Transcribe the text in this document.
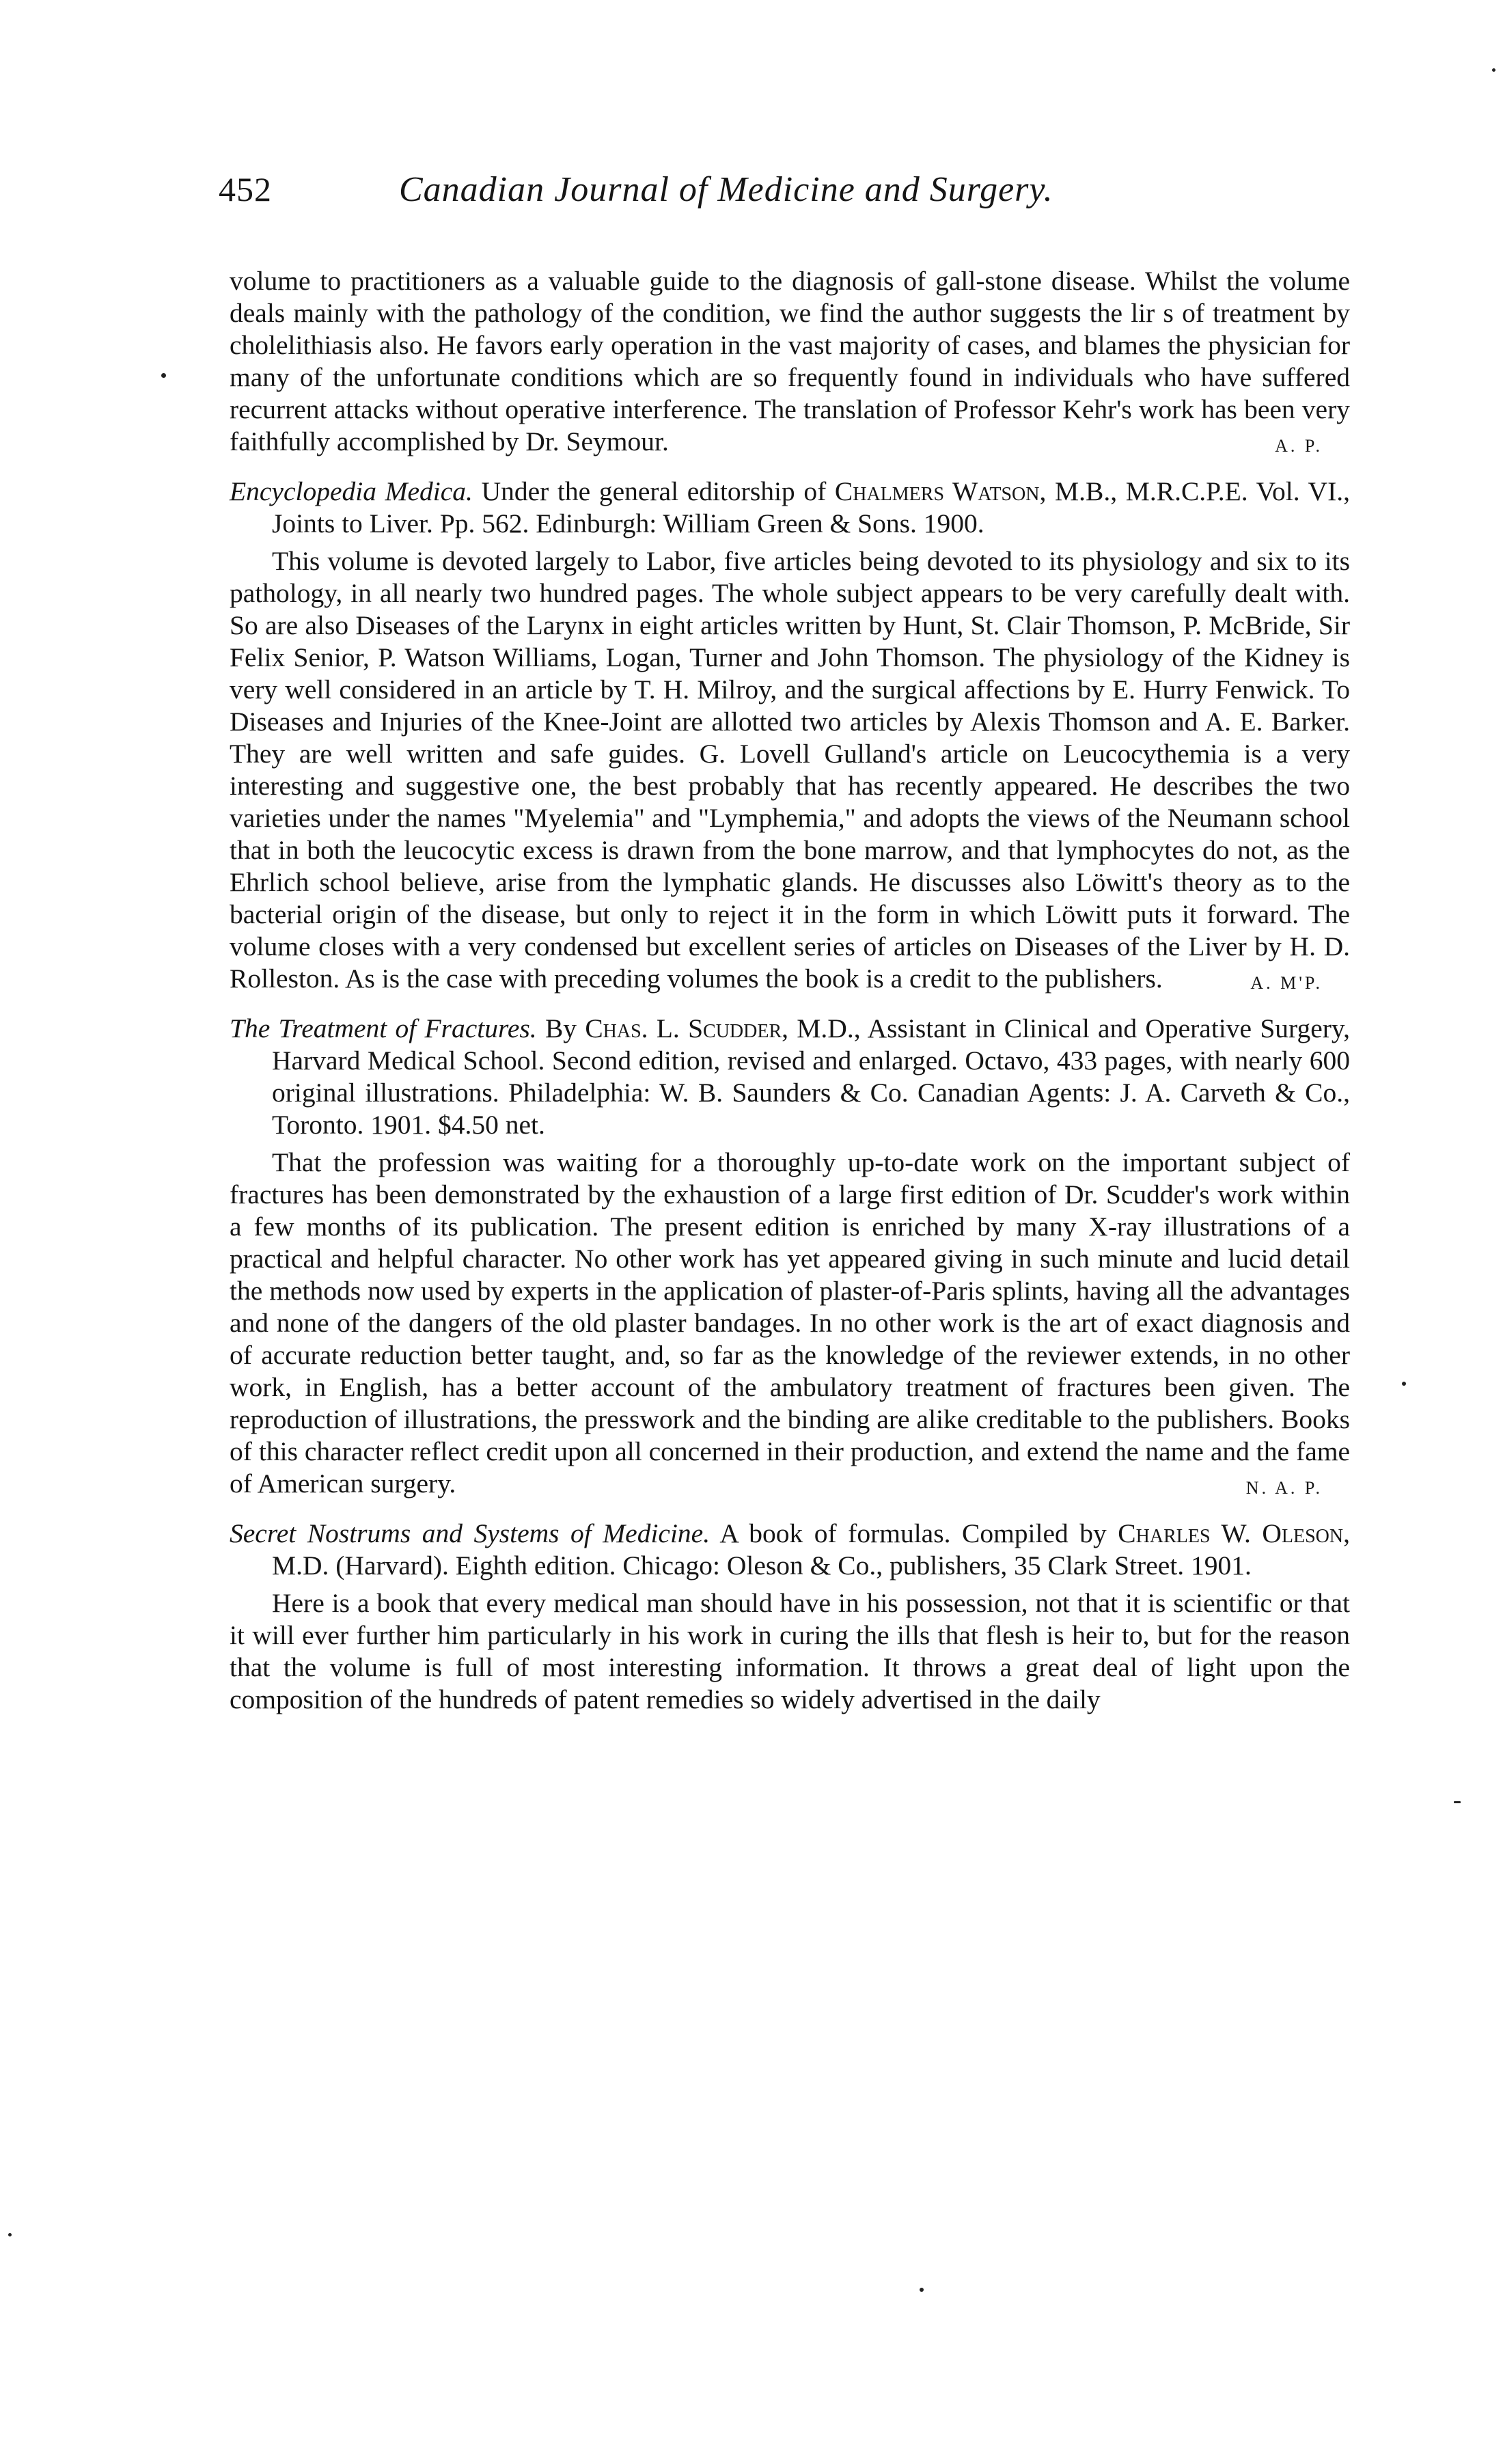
452	Canadian Journal of Medicine and Surgery.

volume to practitioners as a valuable guide to the diagnosis of gall-stone disease. Whilst the volume deals mainly with the pathology of the condition, we find the author suggests the lir s of treatment by cholelithiasis also. He favors early operation in the vast majority of cases, and blames the physician for many of the unfortunate conditions which are so frequently found in individuals who have suffered recurrent attacks without operative interference. The translation of Professor Kehr's work has been very faithfully accomplished by Dr. Seymour.	A. P.

Encyclopedia Medica. Under the general editorship of Chalmers Watson, M.B., M.R.C.P.E. Vol. VI., Joints to Liver. Pp. 562. Edinburgh: William Green & Sons. 1900.

This volume is devoted largely to Labor, five articles being devoted to its physiology and six to its pathology, in all nearly two hundred pages. The whole subject appears to be very carefully dealt with. So are also Diseases of the Larynx in eight articles written by Hunt, St. Clair Thomson, P. McBride, Sir Felix Senior, P. Watson Williams, Logan, Turner and John Thomson. The physiology of the Kidney is very well considered in an article by T. H. Milroy, and the surgical affections by E. Hurry Fenwick. To Diseases and Injuries of the Knee-Joint are allotted two articles by Alexis Thomson and A. E. Barker. They are well written and safe guides. G. Lovell Gulland's article on Leucocythemia is a very interesting and suggestive one, the best probably that has recently appeared. He describes the two varieties under the names "Myelemia" and "Lymphemia," and adopts the views of the Neumann school that in both the leucocytic excess is drawn from the bone marrow, and that lymphocytes do not, as the Ehrlich school believe, arise from the lymphatic glands. He discusses also Löwitt's theory as to the bacterial origin of the disease, but only to reject it in the form in which Löwitt puts it forward. The volume closes with a very condensed but excellent series of articles on Diseases of the Liver by H. D. Rolleston. As is the case with preceding volumes the book is a credit to the publishers.	A. M'P.

The Treatment of Fractures. By Chas. L. Scudder, M.D., Assistant in Clinical and Operative Surgery, Harvard Medical School. Second edition, revised and enlarged. Octavo, 433 pages, with nearly 600 original illustrations. Philadelphia: W. B. Saunders & Co. Canadian Agents: J. A. Carveth & Co., Toronto. 1901. $4.50 net.

That the profession was waiting for a thoroughly up-to-date work on the important subject of fractures has been demonstrated by the exhaustion of a large first edition of Dr. Scudder's work within a few months of its publication. The present edition is enriched by many X-ray illustrations of a practical and helpful character. No other work has yet appeared giving in such minute and lucid detail the methods now used by experts in the application of plaster-of-Paris splints, having all the advantages and none of the dangers of the old plaster bandages. In no other work is the art of exact diagnosis and of accurate reduction better taught, and, so far as the knowledge of the reviewer extends, in no other work, in English, has a better account of the ambulatory treatment of fractures been given. The reproduction of illustrations, the presswork and the binding are alike creditable to the publishers. Books of this character reflect credit upon all concerned in their production, and extend the name and the fame of American surgery.	N. A. P.

Secret Nostrums and Systems of Medicine. A book of formulas. Compiled by Charles W. Oleson, M.D. (Harvard). Eighth edition. Chicago: Oleson & Co., publishers, 35 Clark Street. 1901.

Here is a book that every medical man should have in his possession, not that it is scientific or that it will ever further him particularly in his work in curing the ills that flesh is heir to, but for the reason that the volume is full of most interesting information. It throws a great deal of light upon the composition of the hundreds of patent remedies so widely advertised in the daily
